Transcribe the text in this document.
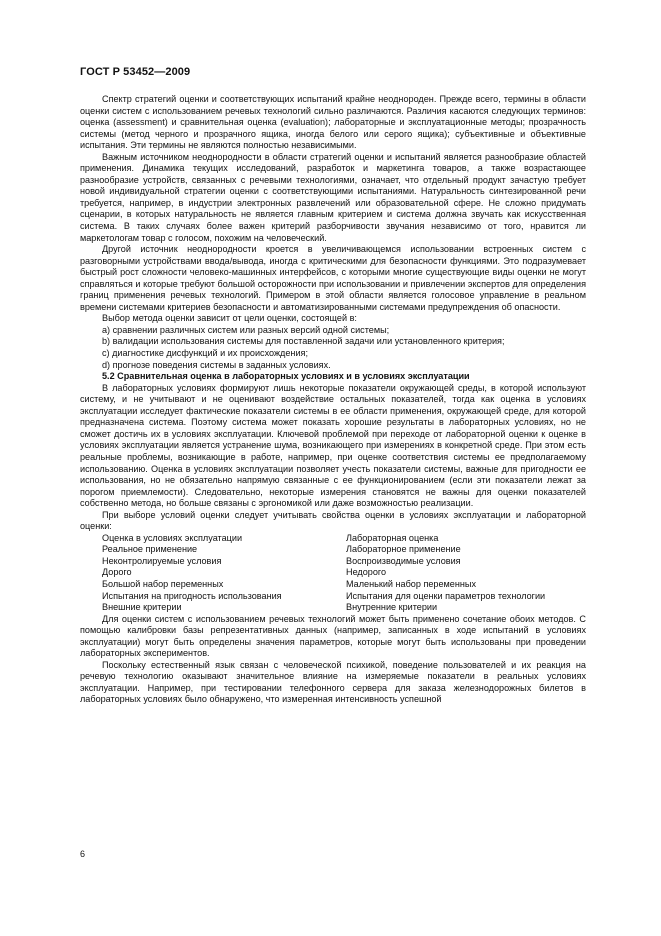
ГОСТ Р 53452—2009

Спектр стратегий оценки и соответствующих испытаний крайне неоднороден. Прежде всего, термины в области оценки систем с использованием речевых технологий сильно различаются. Различия касаются следующих терминов: оценка (assessment) и сравнительная оценка (evaluation); лабораторные и эксплуатационные методы; прозрачность системы (метод черного и прозрачного ящика, иногда белого или серого ящика); субъективные и объективные испытания. Эти термины не являются полностью независимыми.

Важным источником неоднородности в области стратегий оценки и испытаний является разнообразие областей применения. Динамика текущих исследований, разработок и маркетинга товаров, а также возрастающее разнообразие устройств, связанных с речевыми технологиями, означает, что отдельный продукт зачастую требует новой индивидуальной стратегии оценки с соответствующими испытаниями. Натуральность синтезированной речи требуется, например, в индустрии электронных развлечений или образовательной сфере. Не сложно придумать сценарии, в которых натуральность не является главным критерием и система должна звучать как искусственная система. В таких случаях более важен критерий разборчивости звучания независимо от того, нравится ли маркетологам товар с голосом, похожим на человеческий.

Другой источник неоднородности кроется в увеличивающемся использовании встроенных систем с разговорными устройствами ввода/вывода, иногда с критическими для безопасности функциями. Это подразумевает быстрый рост сложности человеко-машинных интерфейсов, с которыми многие существующие виды оценки не могут справляться и которые требуют большой осторожности при использовании и привлечении экспертов для определения границ применения речевых технологий. Примером в этой области является голосовое управление в реальном времени системами критериев безопасности и автоматизированными системами предупреждения об опасности.

Выбор метода оценки зависит от цели оценки, состоящей в:

a) сравнении различных систем или разных версий одной системы;
b) валидации использования системы для поставленной задачи или установленного критерия;
c) диагностике дисфункций и их происхождения;
d) прогнозе поведения системы в заданных условиях.

5.2 Сравнительная оценка в лабораторных условиях и в условиях эксплуатации

В лабораторных условиях формируют лишь некоторые показатели окружающей среды, в которой используют систему, и не учитывают и не оценивают воздействие остальных показателей, тогда как оценка в условиях эксплуатации исследует фактические показатели системы в ее области применения, окружающей среде, для которой предназначена система. Поэтому система может показать хорошие результаты в лабораторных условиях, но не сможет достичь их в условиях эксплуатации. Ключевой проблемой при переходе от лабораторной оценки к оценке в условиях эксплуатации является устранение шума, возникающего при измерениях в конкретной среде. При этом есть реальные проблемы, возникающие в работе, например, при оценке соответствия системы ее предполагаемому использованию. Оценка в условиях эксплуатации позволяет учесть показатели системы, важные для пригодности ее использования, но не обязательно напрямую связанные с ее функционированием (если эти показатели лежат за порогом приемлемости). Следовательно, некоторые измерения становятся не важны для оценки показателей собственно метода, но больше связаны с эргономикой или даже возможностью реализации.

При выборе условий оценки следует учитывать свойства оценки в условиях эксплуатации и лабораторной оценки:

Оценка в условиях эксплуатации	Лабораторная оценка
Реальное применение	Лабораторное применение
Неконтролируемые условия	Воспроизводимые условия
Дорого	Недорого
Большой набор переменных	Маленький набор переменных
Испытания на пригодность использования	Испытания для оценки параметров технологии
Внешние критерии	Внутренние критерии

Для оценки систем с использованием речевых технологий может быть применено сочетание обоих методов. С помощью калибровки базы репрезентативных данных (например, записанных в ходе испытаний в условиях эксплуатации) могут быть определены значения параметров, которые могут быть использованы при проведении лабораторных экспериментов.

Поскольку естественный язык связан с человеческой психикой, поведение пользователей и их реакция на речевую технологию оказывают значительное влияние на измеряемые показатели в реальных условиях эксплуатации. Например, при тестировании телефонного сервера для заказа железнодорожных билетов в лабораторных условиях было обнаружено, что измеренная интенсивность успешной

6
